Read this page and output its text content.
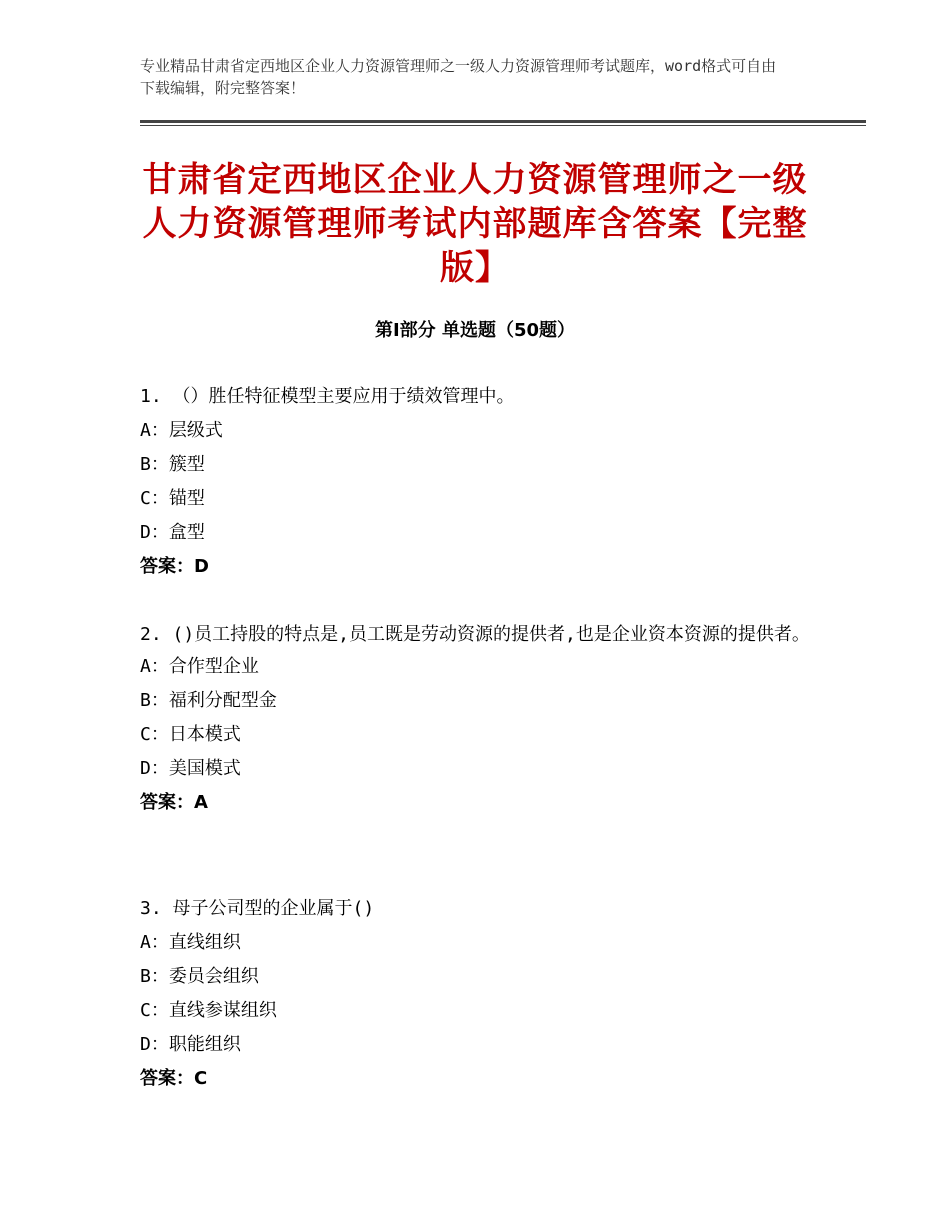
专业精品甘肃省定西地区企业人力资源管理师之一级人力资源管理师考试题库，word格式可自由下载编辑，附完整答案！
甘肃省定西地区企业人力资源管理师之一级人力资源管理师考试内部题库含答案【完整版】
第Ⅰ部分 单选题（50题）
1. （）胜任特征模型主要应用于绩效管理中。
A：层级式
B：簇型
C：锚型
D：盒型
答案：D
2. ()员工持股的特点是,员工既是劳动资源的提供者,也是企业资本资源的提供者。
A：合作型企业
B：福利分配型金
C：日本模式
D：美国模式
答案：A
3. 母子公司型的企业属于()
A：直线组织
B：委员会组织
C：直线参谋组织
D：职能组织
答案：C
